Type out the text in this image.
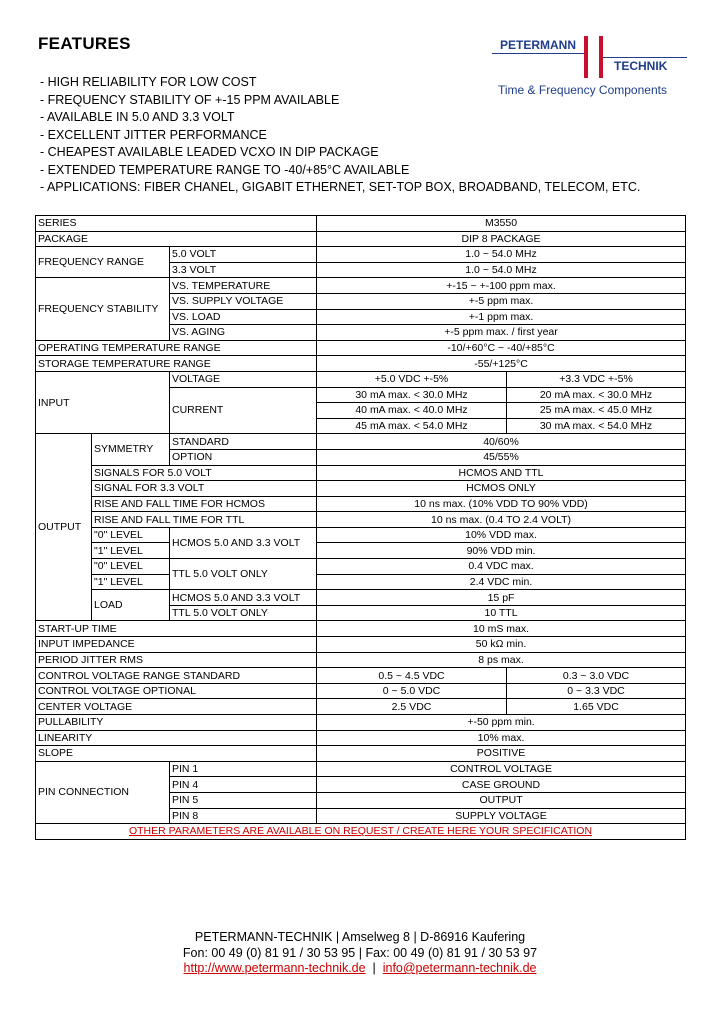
FEATURES	PETERMANN
TECHNIK
Time & Frequency Components
- HIGH RELIABILITY FOR LOW COST
- FREQUENCY STABILITY OF +-15 PPM AVAILABLE
- AVAILABLE IN 5.0 AND 3.3 VOLT
- EXCELLENT JITTER PERFORMANCE
- CHEAPEST AVAILABLE LEADED VCXO IN DIP PACKAGE
- EXTENDED TEMPERATURE RANGE TO -40/+85°C AVAILABLE
- APPLICATIONS: FIBER CHANEL, GIGABIT ETHERNET, SET-TOP BOX, BROADBAND, TELECOM, ETC.
SERIES			M3550	
PACKAGE			DIP 8 PACKAGE	
FREQUENCY RANGE		5.0 VOLT	1.0 ~ 54.0 MHz	
		3.3 VOLT	1.0 ~ 54.0 MHz	
FREQUENCY STABILITY		VS. TEMPERATURE	+-15 ~ +-100 ppm max.	
		VS. SUPPLY VOLTAGE	+-5 ppm max.	
		VS. LOAD	+-1 ppm max.	
		VS. AGING	+-5 ppm max. / first year	
OPERATING TEMPERATURE RANGE			-10/+60°C ~ -40/+85°C	
STORAGE TEMPERATURE RANGE			-55/+125°C	
INPUT		VOLTAGE	+5.0 VDC +-5%	+3.3 VDC +-5%
		CURRENT	30 mA max. < 30.0 MHz	20 mA max. < 30.0 MHz
			40 mA max. < 40.0 MHz	25 mA max. < 45.0 MHz
			45 mA max. < 54.0 MHz	30 mA max. < 54.0 MHz
OUTPUT	SYMMETRY	STANDARD	40/60%	
		OPTION	45/55%	
	SIGNALS FOR 5.0 VOLT		HCMOS AND TTL	
	SIGNAL FOR 3.3 VOLT		HCMOS ONLY	
	RISE AND FALL TIME FOR HCMOS		10 ns max. (10% VDD TO 90% VDD)	
	RISE AND FALL TIME FOR TTL		10 ns max. (0.4 TO 2.4 VOLT)	
	"0" LEVEL	HCMOS 5.0 AND 3.3 VOLT	10% VDD max.	
	"1" LEVEL		90% VDD min.	
	"0" LEVEL	TTL 5.0 VOLT ONLY	0.4 VDC max.	
	"1" LEVEL		2.4 VDC min.	
	LOAD	HCMOS 5.0 AND 3.3 VOLT	15 pF	
		TTL 5.0 VOLT ONLY	10 TTL	
START-UP TIME			10 mS max.	
INPUT IMPEDANCE			50 kΩ min.	
PERIOD JITTER RMS			8 ps max.	
CONTROL VOLTAGE RANGE STANDARD			0.5 ~ 4.5 VDC	0.3 ~ 3.0 VDC
CONTROL VOLTAGE OPTIONAL			0 ~ 5.0 VDC	0 ~ 3.3 VDC
CENTER VOLTAGE			2.5 VDC	1.65 VDC
PULLABILITY			+-50 ppm min.	
LINEARITY			10% max.	
SLOPE			POSITIVE	
PIN CONNECTION		PIN 1	CONTROL VOLTAGE	
		PIN 4	CASE GROUND	
		PIN 5	OUTPUT	
		PIN 8	SUPPLY VOLTAGE	
OTHER PARAMETERS ARE AVAILABLE ON REQUEST / CREATE HERE YOUR SPECIFICATION				
PETERMANN-TECHNIK | Amselweg 8 | D-86916 Kaufering
Fon: 00 49 (0) 81 91 / 30 53 95 | Fax: 00 49 (0) 81 91 / 30 53 97
http://www.petermann-technik.de  |  info@petermann-technik.de
